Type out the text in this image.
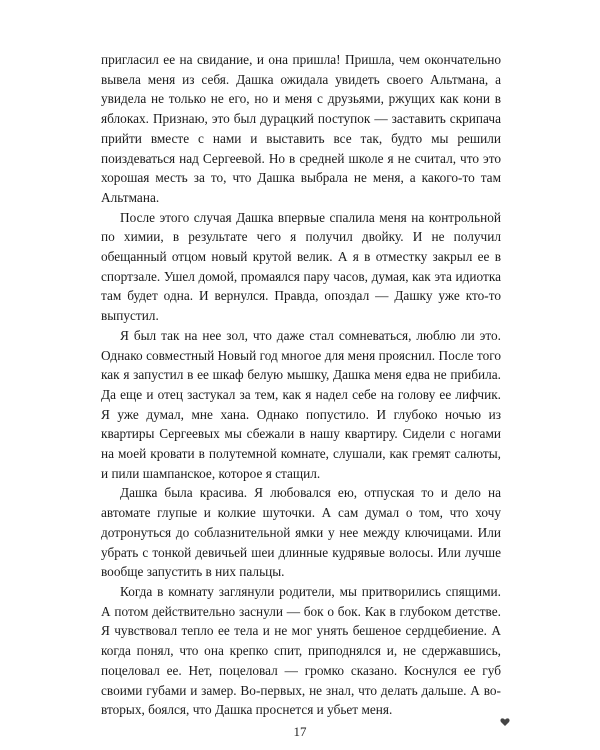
пригласил ее на свидание, и она пришла! Пришла, чем окончательно вывела меня из себя. Дашка ожидала увидеть своего Альтмана, а увидела не только не его, но и меня с друзьями, ржущих как кони в яблоках. Признаю, это был дурацкий поступок — заставить скрипача прийти вместе с нами и выставить все так, будто мы решили поиздеваться над Сергеевой. Но в средней школе я не считал, что это хорошая месть за то, что Дашка выбрала не меня, а какого-то там Альтмана.

После этого случая Дашка впервые спалила меня на контрольной по химии, в результате чего я получил двойку. И не получил обещанный отцом новый крутой велик. А я в отместку закрыл ее в спортзале. Ушел домой, промаялся пару часов, думая, как эта идиотка там будет одна. И вернулся. Правда, опоздал — Дашку уже кто-то выпустил.

Я был так на нее зол, что даже стал сомневаться, люблю ли это. Однако совместный Новый год многое для меня прояснил. После того как я запустил в ее шкаф белую мышку, Дашка меня едва не прибила. Да еще и отец застукал за тем, как я надел себе на голову ее лифчик. Я уже думал, мне хана. Однако попустило. И глубоко ночью из квартиры Сергеевых мы сбежали в нашу квартиру. Сидели с ногами на моей кровати в полутемной комнате, слушали, как гремят салюты, и пили шампанское, которое я стащил.

Дашка была красива. Я любовался ею, отпуская то и дело на автомате глупые и колкие шуточки. А сам думал о том, что хочу дотронуться до соблазнительной ямки у нее между ключицами. Или убрать с тонкой девичьей шеи длинные кудрявые волосы. Или лучше вообще запустить в них пальцы.

Когда в комнату заглянули родители, мы притворились спящими. А потом действительно заснули — бок о бок. Как в глубоком детстве. Я чувствовал тепло ее тела и не мог унять бешеное сердцебиение. А когда понял, что она крепко спит, приподнялся и, не сдержавшись, поцеловал ее. Нет, поцеловал — громко сказано. Коснулся ее губ своими губами и замер. Во-первых, не знал, что делать дальше. А во-вторых, боялся, что Дашка проснется и убьет меня.

17
